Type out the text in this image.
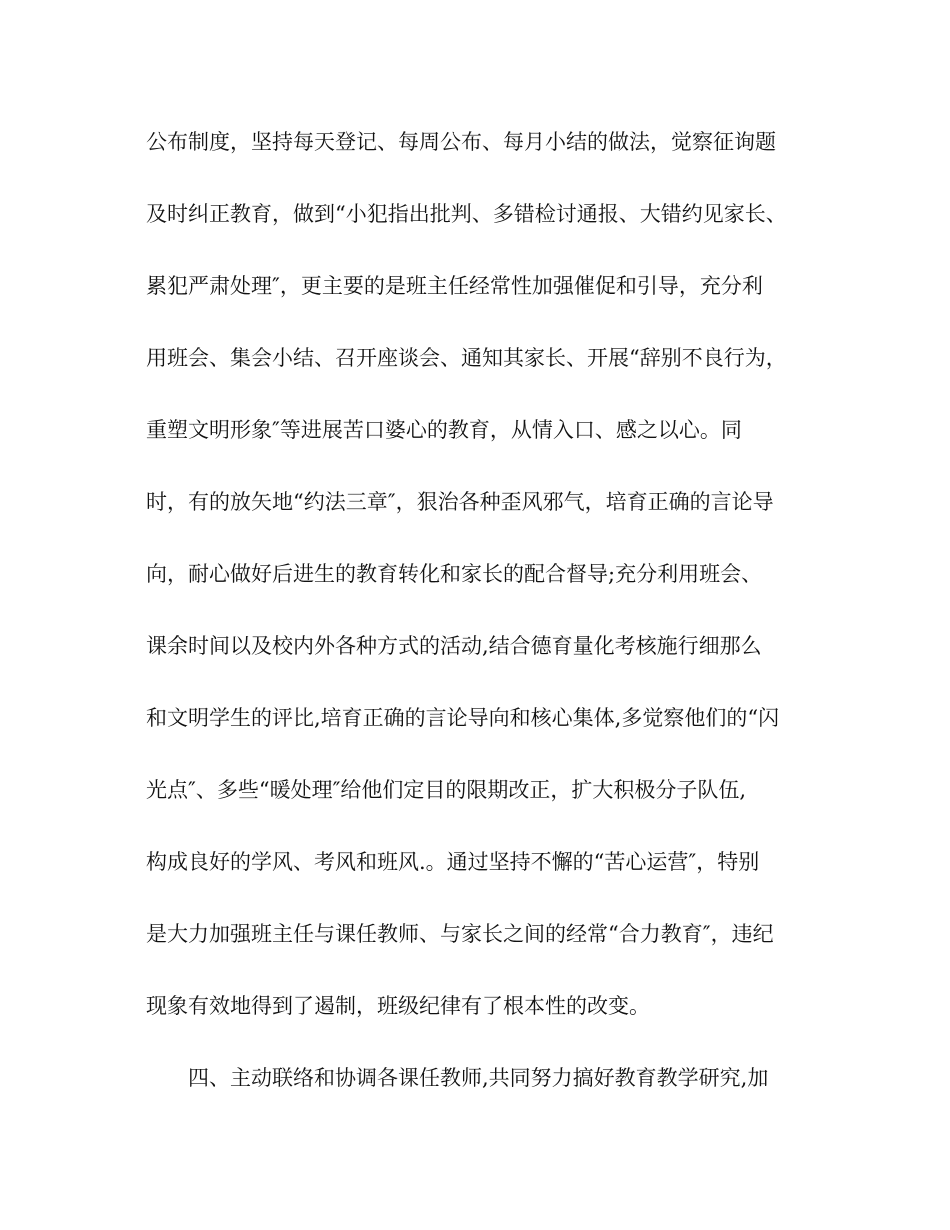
公布制度，坚持每天登记、每周公布、每月小结的做法，觉察征询题
及时纠正教育，做到“小犯指出批判、多错检讨通报、大错约见家长、
累犯严肃处理″，更主要的是班主任经常性加强催促和引导，充分利
用班会、集会小结、召开座谈会、通知其家长、开展“辞别不良行为，
重塑文明形象″等进展苦口婆心的教育，从情入口、感之以心。同
时，有的放矢地“约法三章″，狠治各种歪风邪气，培育正确的言论导
向，耐心做好后进生的教育转化和家长的配合督导;充分利用班会、
课余时间以及校内外各种方式的活动,结合德育量化考核施行细那么
和文明学生的评比,培育正确的言论导向和核心集体,多觉察他们的“闪
光点″、多些“暖处理″给他们定目的限期改正，扩大积极分子队伍,
构成良好的学风、考风和班风.。通过坚持不懈的“苦心运营″，特别
是大力加强班主任与课任教师、与家长之间的经常“合力教育″，违纪
现象有效地得到了遏制，班级纪律有了根本性的改变。
四、主动联络和协调各课任教师,共同努力搞好教育教学研究,加
